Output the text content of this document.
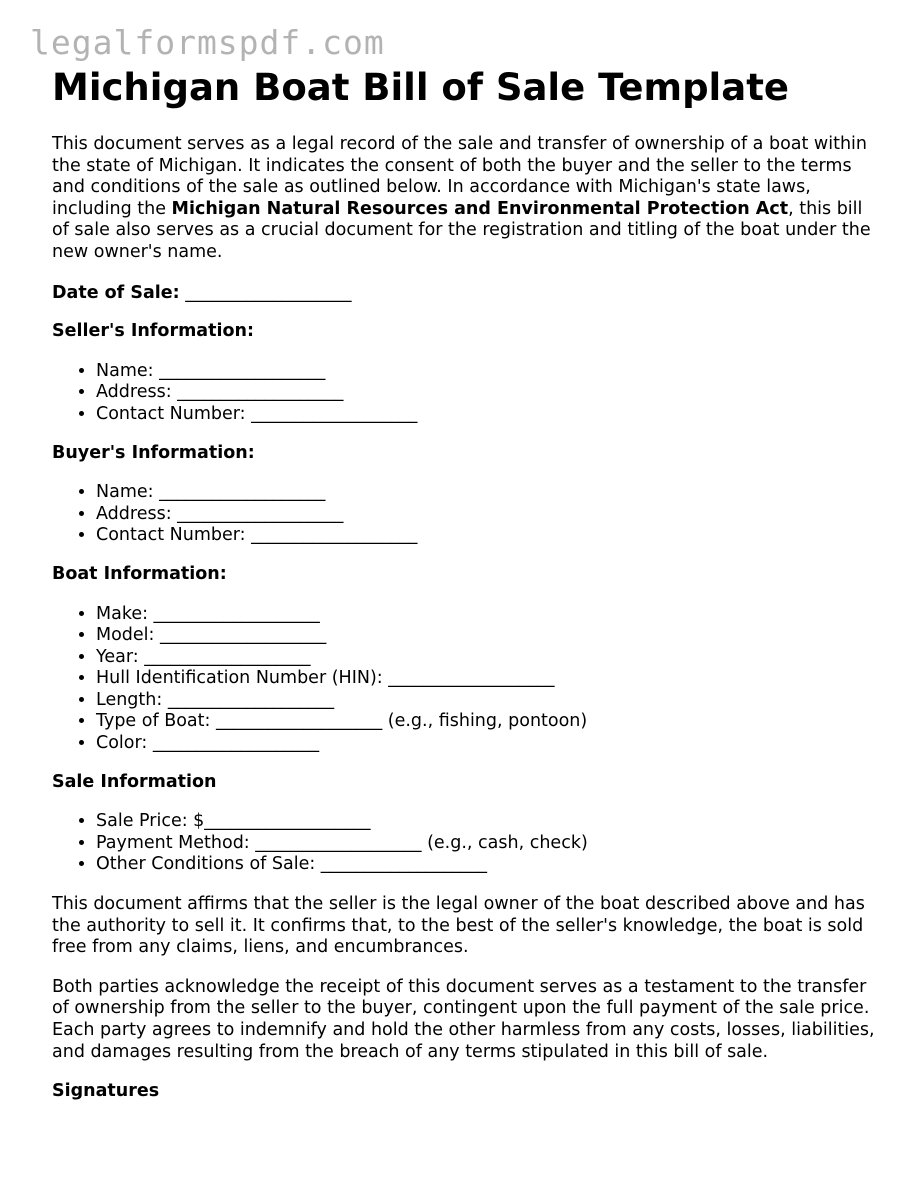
legalformspdf.com
Michigan Boat Bill of Sale Template

This document serves as a legal record of the sale and transfer of ownership of a boat within the state of Michigan. It indicates the consent of both the buyer and the seller to the terms and conditions of the sale as outlined below. In accordance with Michigan's state laws, including the Michigan Natural Resources and Environmental Protection Act, this bill of sale also serves as a crucial document for the registration and titling of the boat under the new owner's name.

Date of Sale: ___________________
Seller's Information:
• Name: ___________________
• Address: ___________________
• Contact Number: ___________________
Buyer's Information:
• Name: ___________________
• Address: ___________________
• Contact Number: ___________________
Boat Information:
• Make: ___________________
• Model: ___________________
• Year: ___________________
• Hull Identification Number (HIN): ___________________
• Length: ___________________
• Type of Boat: ___________________ (e.g., fishing, pontoon)
• Color: ___________________
Sale Information
• Sale Price: $___________________
• Payment Method: ___________________ (e.g., cash, check)
• Other Conditions of Sale: ___________________

This document affirms that the seller is the legal owner of the boat described above and has the authority to sell it. It confirms that, to the best of the seller's knowledge, the boat is sold free from any claims, liens, and encumbrances.

Both parties acknowledge the receipt of this document serves as a testament to the transfer of ownership from the seller to the buyer, contingent upon the full payment of the sale price. Each party agrees to indemnify and hold the other harmless from any costs, losses, liabilities, and damages resulting from the breach of any terms stipulated in this bill of sale.

Signatures
